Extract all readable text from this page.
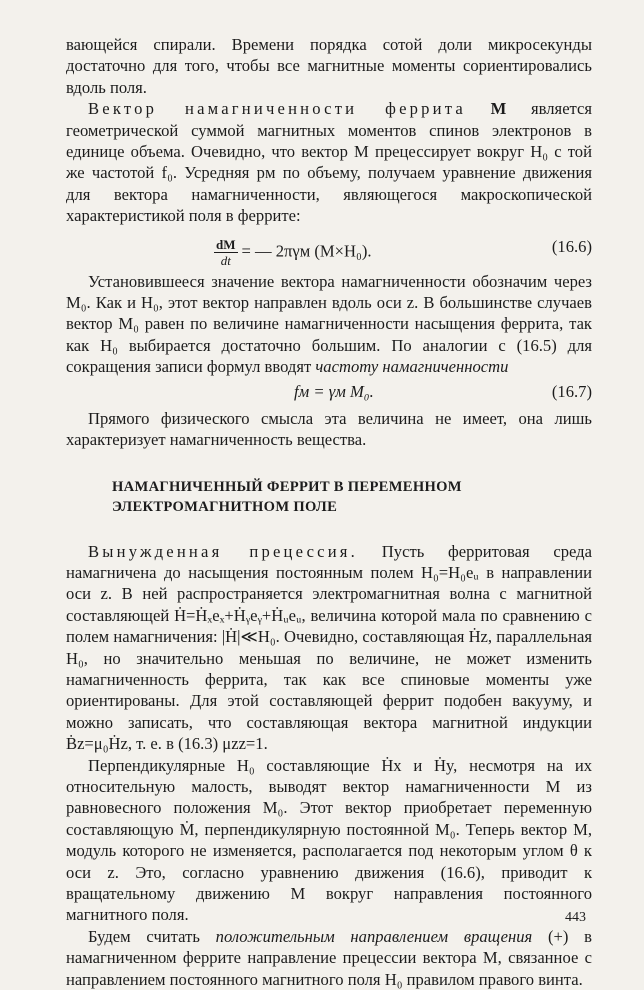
вающейся спирали. Времени порядка сотой доли микросекунды достаточно для того, чтобы все магнитные моменты сориентировались вдоль поля.

Вектор намагниченности феррита M является геометрической суммой магнитных моментов спинов электронов в единице объема. Очевидно, что вектор M прецессирует вокруг H₀ с той же частотой f₀. Усредняя pм по объему, получаем уравнение движения для вектора намагниченности, являющегося макроскопической характеристикой поля в феррите:

$\frac{dM}{dt}$ = — 2πγм (M×H₀).	(16.6)

Установившееся значение вектора намагниченности обозначим через M₀. Как и H₀, этот вектор направлен вдоль оси z. В большинстве случаев вектор M₀ равен по величине намагниченности насыщения феррита, так как H₀ выбирается достаточно большим. По аналогии с (16.5) для сокращения записи формул вводят частоту намагниченности

fм = γм M₀.	(16.7)

Прямого физического смысла эта величина не имеет, она лишь характеризует намагниченность вещества.

НАМАГНИЧЕННЫЙ ФЕРРИТ В ПЕРЕМЕННОМ
ЭЛЕКТРОМАГНИТНОМ ПОЛЕ

Вынужденная прецессия. Пусть ферритовая среда намагничена до насыщения постоянным полем H₀=H₀eᵤ в направлении оси z. В ней распространяется электромагнитная волна с магнитной составляющей Ḣ=Ḣₓeₓ+Ḣᵧeᵧ+Ḣᵤeᵤ, величина которой мала по сравнению с полем намагничения: |Ḣ|≪H₀. Очевидно, составляющая Ḣz, параллельная H₀, но значительно меньшая по величине, не может изменить намагниченность феррита, так как все спиновые моменты уже ориентированы. Для этой составляющей феррит подобен вакууму, и можно записать, что составляющая вектора магнитной индукции Ḃz=μ₀Ḣz, т. е. в (16.3) μzz=1.

Перпендикулярные H₀ составляющие Ḣx и Ḣy, несмотря на их относительную малость, выводят вектор намагниченности M из равновесного положения M₀. Этот вектор приобретает переменную составляющую Ṁ, перпендикулярную постоянной M₀. Теперь вектор M, модуль которого не изменяется, располагается под некоторым углом θ к оси z. Это, согласно уравнению движения (16.6), приводит к вращательному движению M вокруг направления постоянного магнитного поля.

Будем считать положительным направлением вращения (+) в намагниченном феррите направление прецессии вектора M, связанное с направлением постоянного магнитного поля H₀ правилом правого винта.

443
